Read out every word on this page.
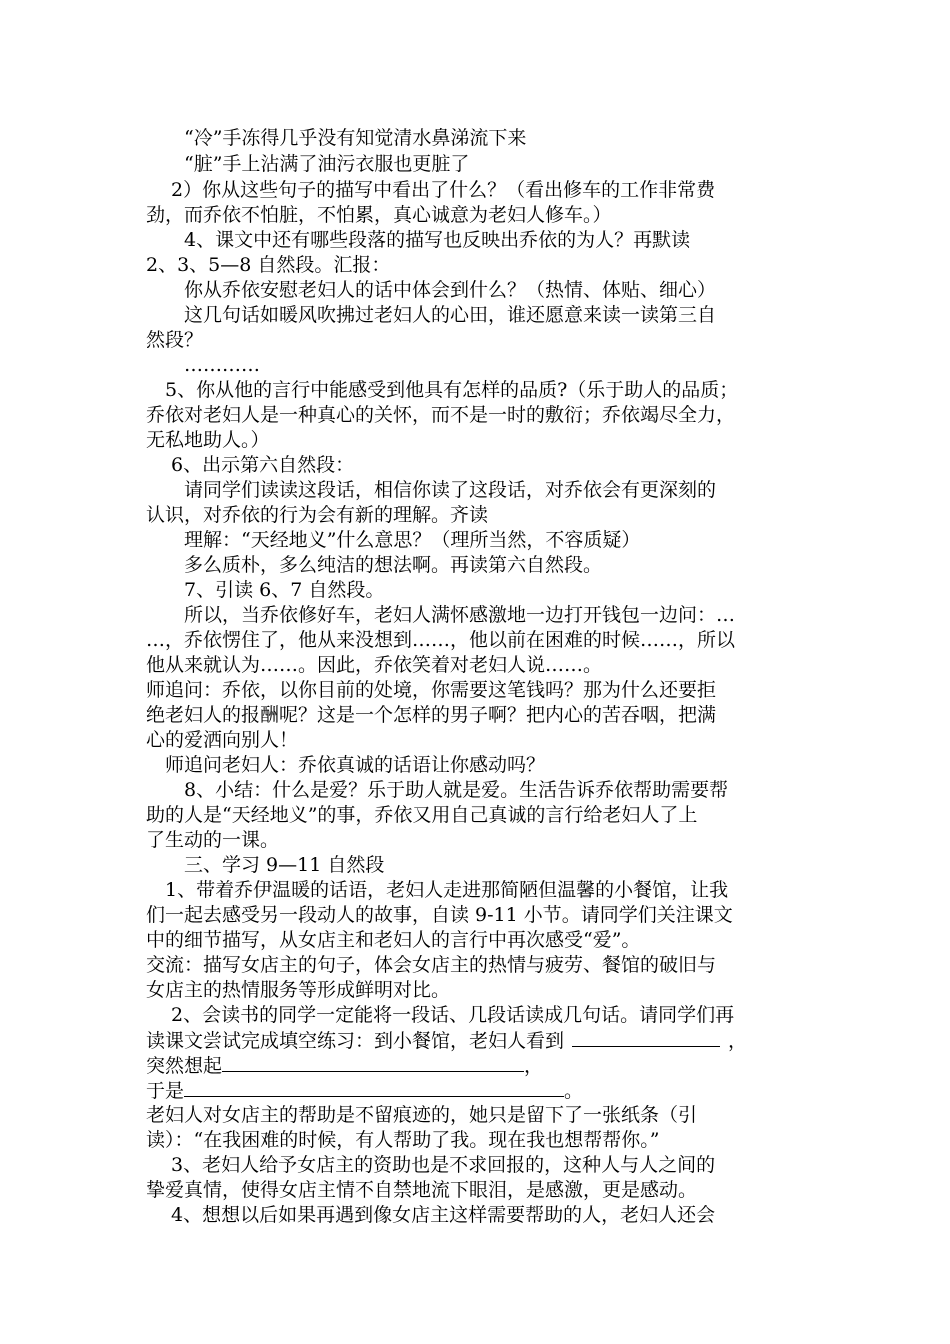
　　“冷”手冻得几乎没有知觉清水鼻涕流下来
　　“脏”手上沾满了油污衣服也更脏了
　 2）你从这些句子的描写中看出了什么？（看出修车的工作非常费
劲，而乔依不怕脏，不怕累，真心诚意为老妇人修车。）
　　4、课文中还有哪些段落的描写也反映出乔依的为人？再默读
2、3、5—8 自然段。汇报：
　　你从乔依安慰老妇人的话中体会到什么？（热情、体贴、细心）
　　这几句话如暖风吹拂过老妇人的心田，谁还愿意来读一读第三自
然段？
　　…………
　5、你从他的言行中能感受到他具有怎样的品质?（乐于助人的品质；
乔依对老妇人是一种真心的关怀，而不是一时的敷衍；乔依竭尽全力，
无私地助人。）
　 6、出示第六自然段：
　　请同学们读读这段话，相信你读了这段话，对乔依会有更深刻的
认识，对乔依的行为会有新的理解。齐读
　　理解：“天经地义”什么意思？（理所当然，不容质疑）
　　多么质朴，多么纯洁的想法啊。再读第六自然段。
　　7、引读 6、7 自然段。
　　所以，当乔依修好车，老妇人满怀感激地一边打开钱包一边问：…
…，乔依愣住了，他从来没想到……，他以前在困难的时候……，所以
他从来就认为……。因此，乔依笑着对老妇人说……。
师追问：乔依，以你目前的处境，你需要这笔钱吗？那为什么还要拒
绝老妇人的报酬呢？这是一个怎样的男子啊？把内心的苦吞咽，把满
心的爱洒向别人！
　师追问老妇人：乔依真诚的话语让你感动吗？
　　8、小结：什么是爱？乐于助人就是爱。生活告诉乔依帮助需要帮
助的人是“天经地义”的事，乔依又用自己真诚的言行给老妇人了上
了生动的一课。
　　三、学习 9—11 自然段
　1、带着乔伊温暖的话语，老妇人走进那简陋但温馨的小餐馆，让我
们一起去感受另一段动人的故事，自读 9-11 小节。请同学们关注课文
中的细节描写，从女店主和老妇人的言行中再次感受“爱”。
交流：描写女店主的句子，体会女店主的热情与疲劳、餐馆的破旧与
女店主的热情服务等形成鲜明对比。
　 2、会读书的同学一定能将一段话、几段话读成几句话。请同学们再
读课文尝试完成填空练习：到小餐馆，老妇人看到	，
突然想起	，
于是	。
老妇人对女店主的帮助是不留痕迹的，她只是留下了一张纸条（引
读）：“在我困难的时候，有人帮助了我。现在我也想帮帮你。”
　 3、老妇人给予女店主的资助也是不求回报的，这种人与人之间的
挚爱真情，使得女店主情不自禁地流下眼泪，是感激，更是感动。
　 4、想想以后如果再遇到像女店主这样需要帮助的人，老妇人还会
